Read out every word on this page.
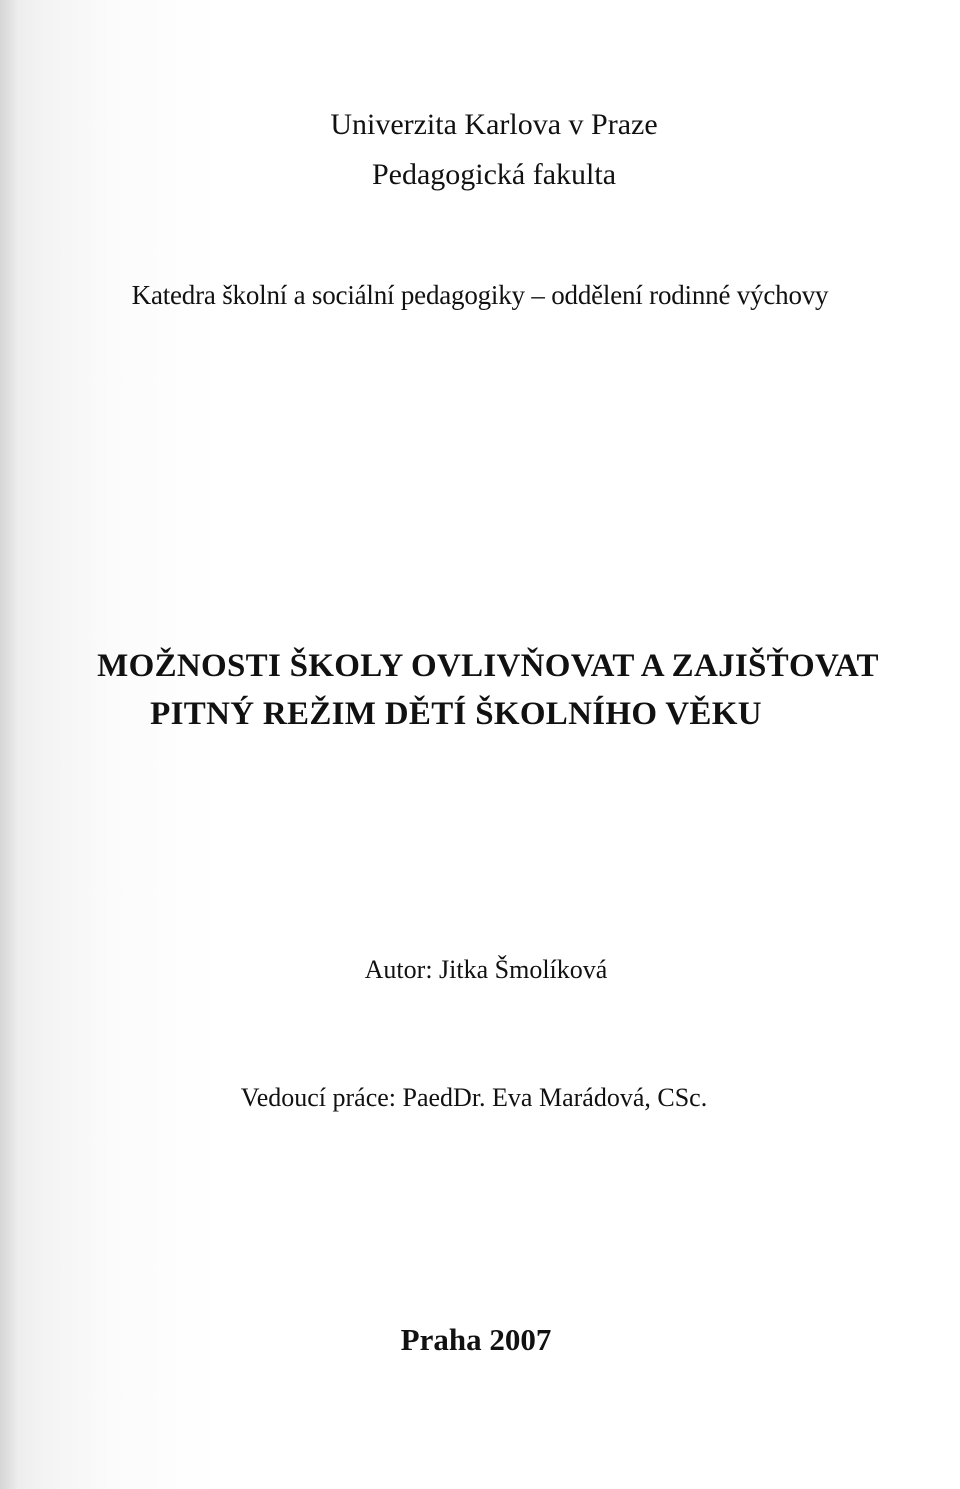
Univerzita Karlova v Praze
Pedagogická fakulta
Katedra školní a sociální pedagogiky – oddělení rodinné výchovy
MOŽNOSTI ŠKOLY OVLIVŇOVAT A ZAJIŠŤOVAT
PITNÝ REŽIM DĚTÍ ŠKOLNÍHO VĚKU
Autor: Jitka Šmolíková
Vedoucí práce: PaedDr. Eva Marádová, CSc.
Praha 2007
